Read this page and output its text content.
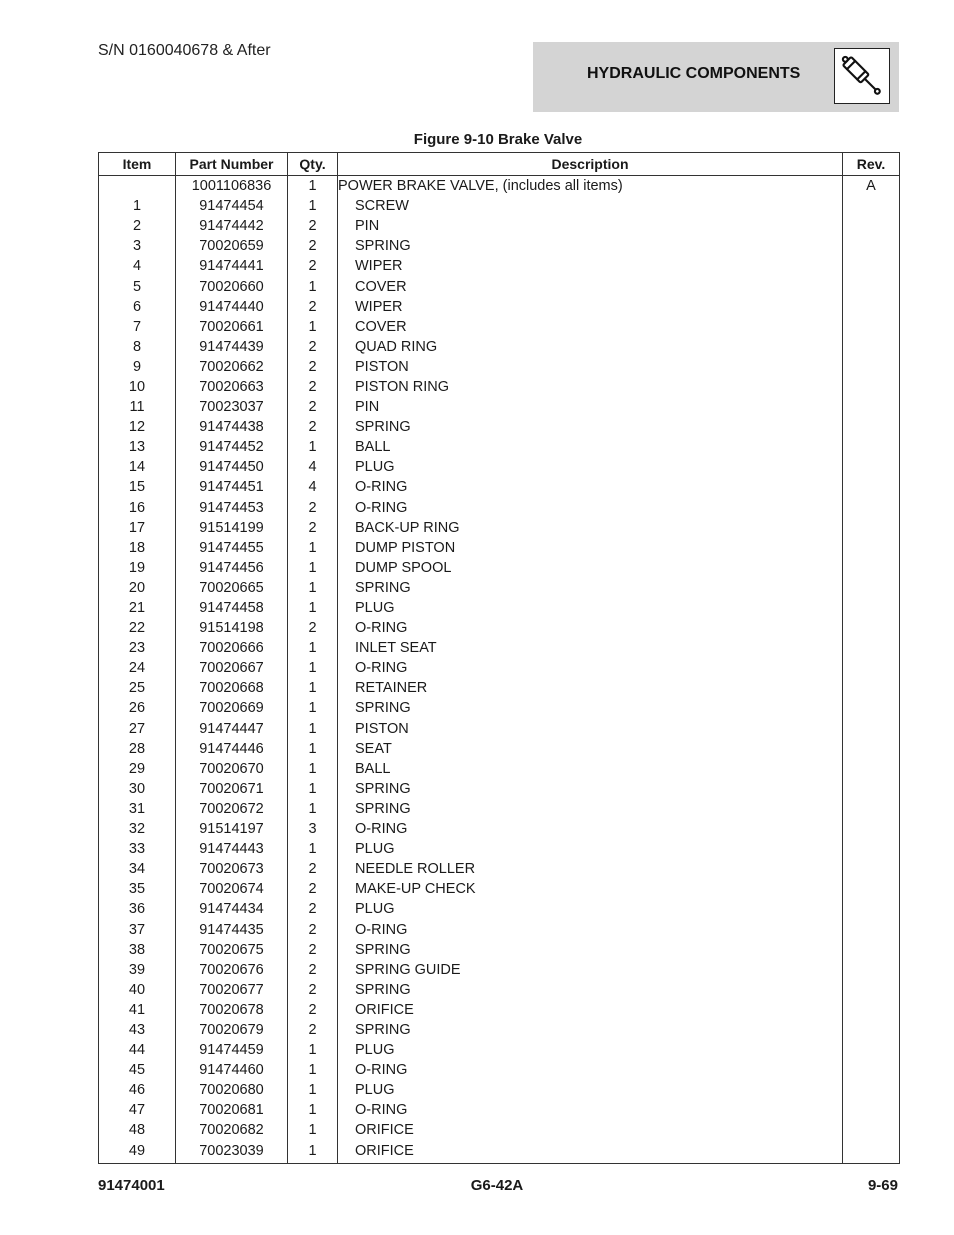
S/N 0160040678 & After
HYDRAULIC COMPONENTS
Figure 9-10 Brake Valve
Item	Part Number	Qty.	Description	Rev.
	1001106836	1	POWER BRAKE VALVE, (includes all items)	A
1	91474454	1	SCREW	
2	91474442	2	PIN	
3	70020659	2	SPRING	
4	91474441	2	WIPER	
5	70020660	1	COVER	
6	91474440	2	WIPER	
7	70020661	1	COVER	
8	91474439	2	QUAD RING	
9	70020662	2	PISTON	
10	70020663	2	PISTON RING	
11	70023037	2	PIN	
12	91474438	2	SPRING	
13	91474452	1	BALL	
14	91474450	4	PLUG	
15	91474451	4	O-RING	
16	91474453	2	O-RING	
17	91514199	2	BACK-UP RING	
18	91474455	1	DUMP PISTON	
19	91474456	1	DUMP SPOOL	
20	70020665	1	SPRING	
21	91474458	1	PLUG	
22	91514198	2	O-RING	
23	70020666	1	INLET SEAT	
24	70020667	1	O-RING	
25	70020668	1	RETAINER	
26	70020669	1	SPRING	
27	91474447	1	PISTON	
28	91474446	1	SEAT	
29	70020670	1	BALL	
30	70020671	1	SPRING	
31	70020672	1	SPRING	
32	91514197	3	O-RING	
33	91474443	1	PLUG	
34	70020673	2	NEEDLE ROLLER	
35	70020674	2	MAKE-UP CHECK	
36	91474434	2	PLUG	
37	91474435	2	O-RING	
38	70020675	2	SPRING	
39	70020676	2	SPRING GUIDE	
40	70020677	2	SPRING	
41	70020678	2	ORIFICE	
43	70020679	2	SPRING	
44	91474459	1	PLUG	
45	91474460	1	O-RING	
46	70020680	1	PLUG	
47	70020681	1	O-RING	
48	70020682	1	ORIFICE	
49	70023039	1	ORIFICE	
91474001	G6-42A	9-69
